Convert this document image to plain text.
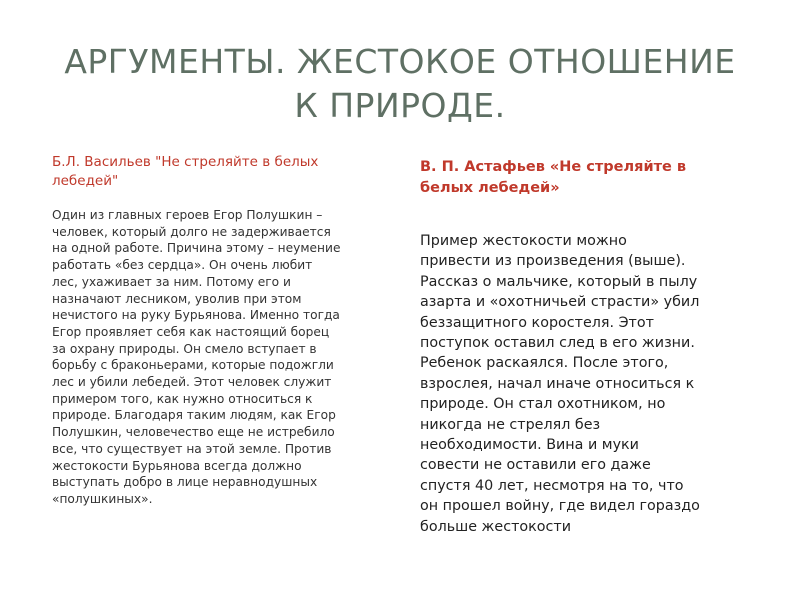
АРГУМЕНТЫ. ЖЕСТОКОЕ ОТНОШЕНИЕ
К ПРИРОДЕ.
Б.Л. Васильев "Не стреляйте в белых
лебедей"
Один из главных героев Егор Полушкин –
человек, который долго не задерживается
на одной работе. Причина этому – неумение
работать «без сердца». Он очень любит
лес, ухаживает за ним. Потому его и
назначают лесником, уволив при этом
нечистого на руку Бурьянова. Именно тогда
Егор проявляет себя как настоящий борец
за охрану природы. Он смело вступает в
борьбу с браконьерами, которые подожгли
лес и убили лебедей. Этот человек служит
примером того, как нужно относиться к
природе. Благодаря таким людям, как Егор
Полушкин, человечество еще не истребило
все, что существует на этой земле. Против
жестокости Бурьянова всегда должно
выступать добро в лице неравнодушных
«полушкиных».
В. П. Астафьев «Не стреляйте в
белых лебедей»
Пример жестокости можно
привести из произведения (выше).
Рассказ о мальчике, который в пылу
азарта и «охотничьей страсти» убил
беззащитного коростеля. Этот
поступок оставил след в его жизни.
Ребенок раскаялся. После этого,
взрослея, начал иначе относиться к
природе. Он стал охотником, но
никогда не стрелял без
необходимости. Вина и муки
совести не оставили его даже
спустя 40 лет, несмотря на то, что
он прошел войну, где видел гораздо
больше жестокости
